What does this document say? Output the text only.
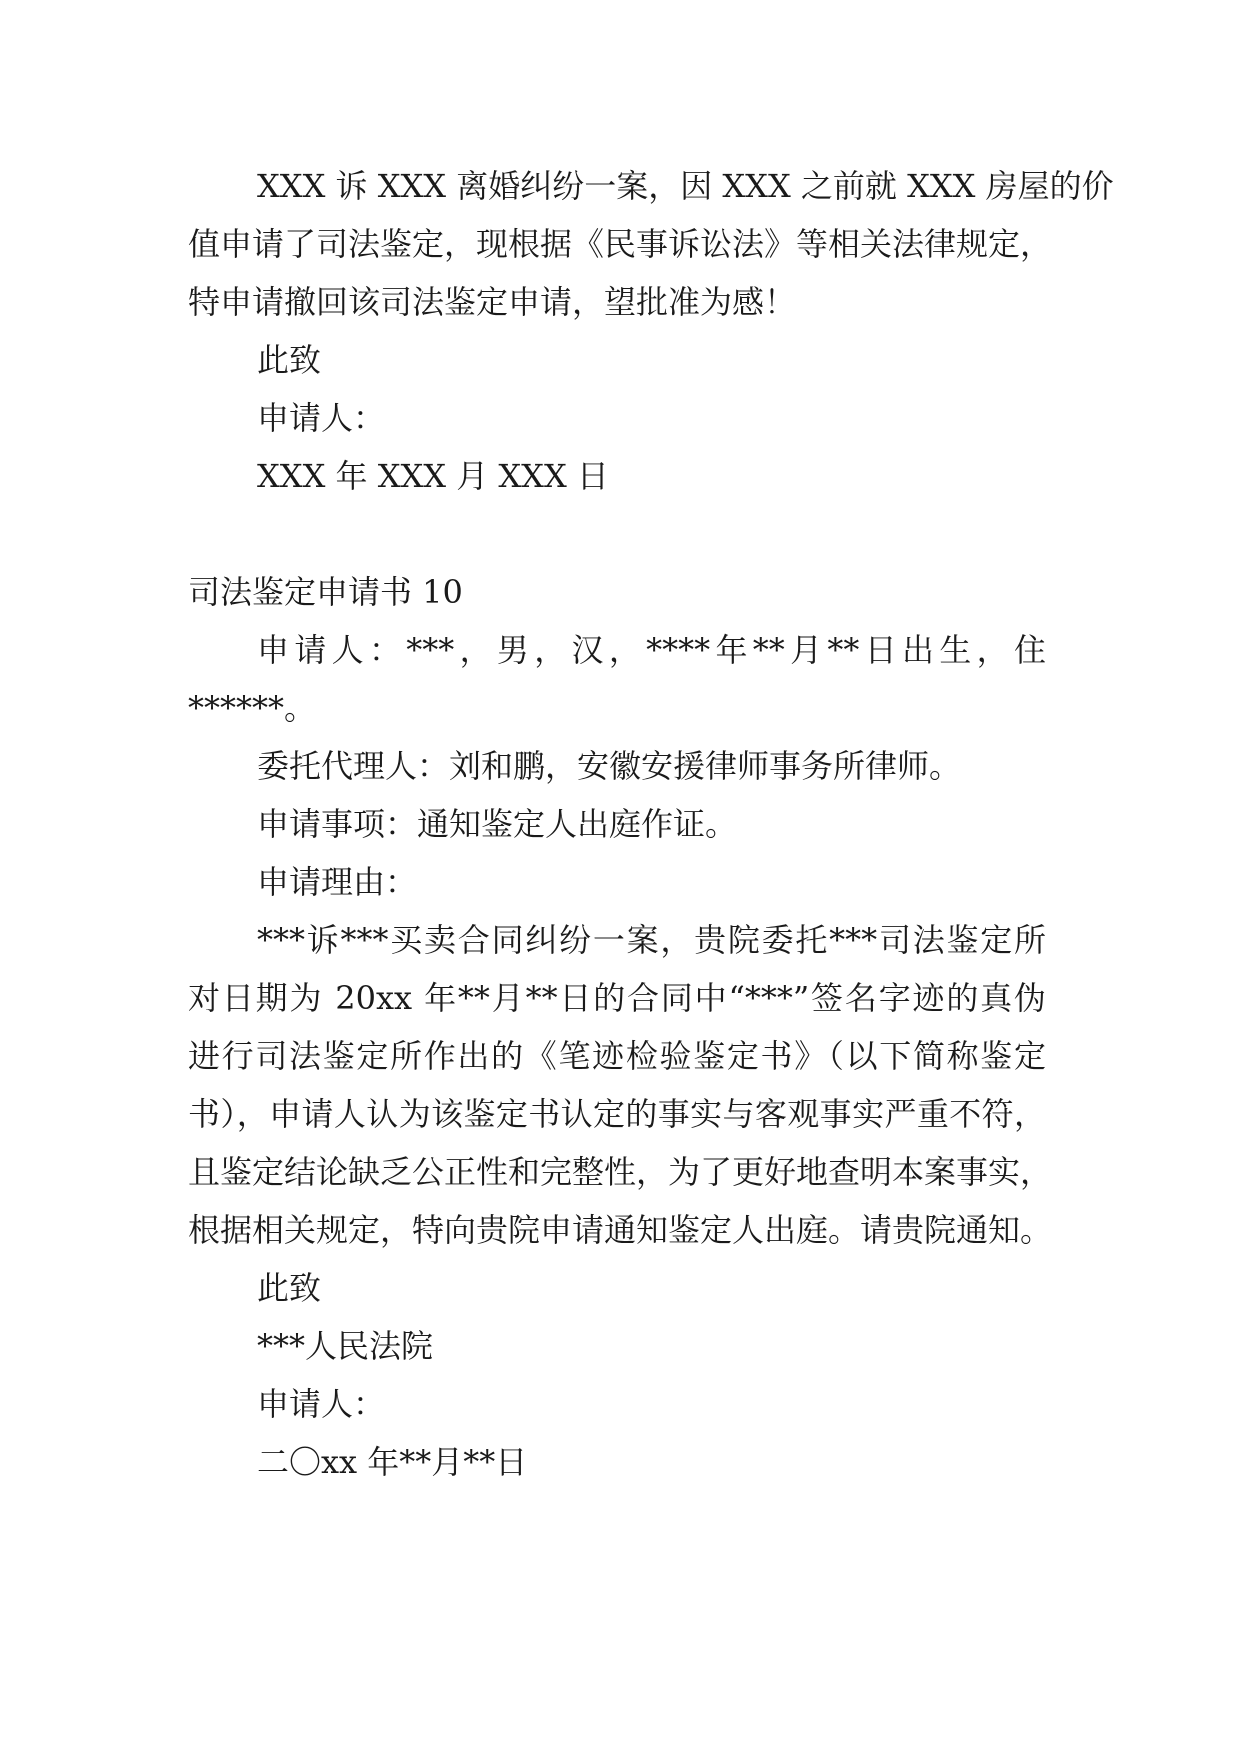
XXX 诉 XXX 离婚纠纷一案，因 XXX 之前就 XXX 房屋的价
值申请了司法鉴定，现根据《民事诉讼法》等相关法律规定，
特申请撤回该司法鉴定申请，望批准为感！
此致
申请人：
XXX 年 XXX 月 XXX 日
司法鉴定申请书 10
申请人：***，男，汉，****年**月**日出生，住
******。
委托代理人：刘和鹏，安徽安援律师事务所律师。
申请事项：通知鉴定人出庭作证。
申请理由：
***诉***买卖合同纠纷一案，贵院委托***司法鉴定所
对日期为 20xx 年**月**日的合同中“***”签名字迹的真伪
进行司法鉴定所作出的《笔迹检验鉴定书》（以下简称鉴定
书），申请人认为该鉴定书认定的事实与客观事实严重不符，
且鉴定结论缺乏公正性和完整性，为了更好地查明本案事实，
根据相关规定，特向贵院申请通知鉴定人出庭。请贵院通知。
此致
***人民法院
申请人：
二〇xx 年**月**日
